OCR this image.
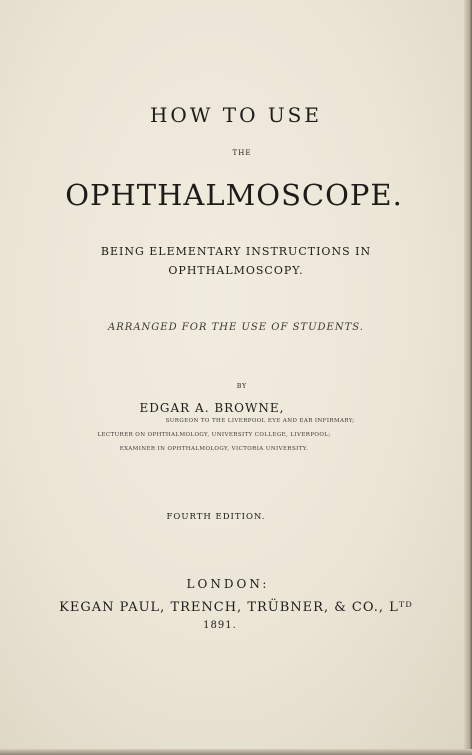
HOW TO USE
THE
OPHTHALMOSCOPE.
BEING ELEMENTARY INSTRUCTIONS IN
OPHTHALMOSCOPY.
ARRANGED FOR THE USE OF STUDENTS.
BY
EDGAR A. BROWNE,
SURGEON TO THE LIVERPOOL EYE AND EAR INFIRMARY;
LECTURER ON OPHTHALMOLOGY, UNIVERSITY COLLEGE, LIVERPOOL;
EXAMINER IN OPHTHALMOLOGY, VICTORIA UNIVERSITY.
FOURTH EDITION.
LONDON:
KEGAN PAUL, TRENCH, TRÜBNER, & CO., Lᵀᴰ
1891.
